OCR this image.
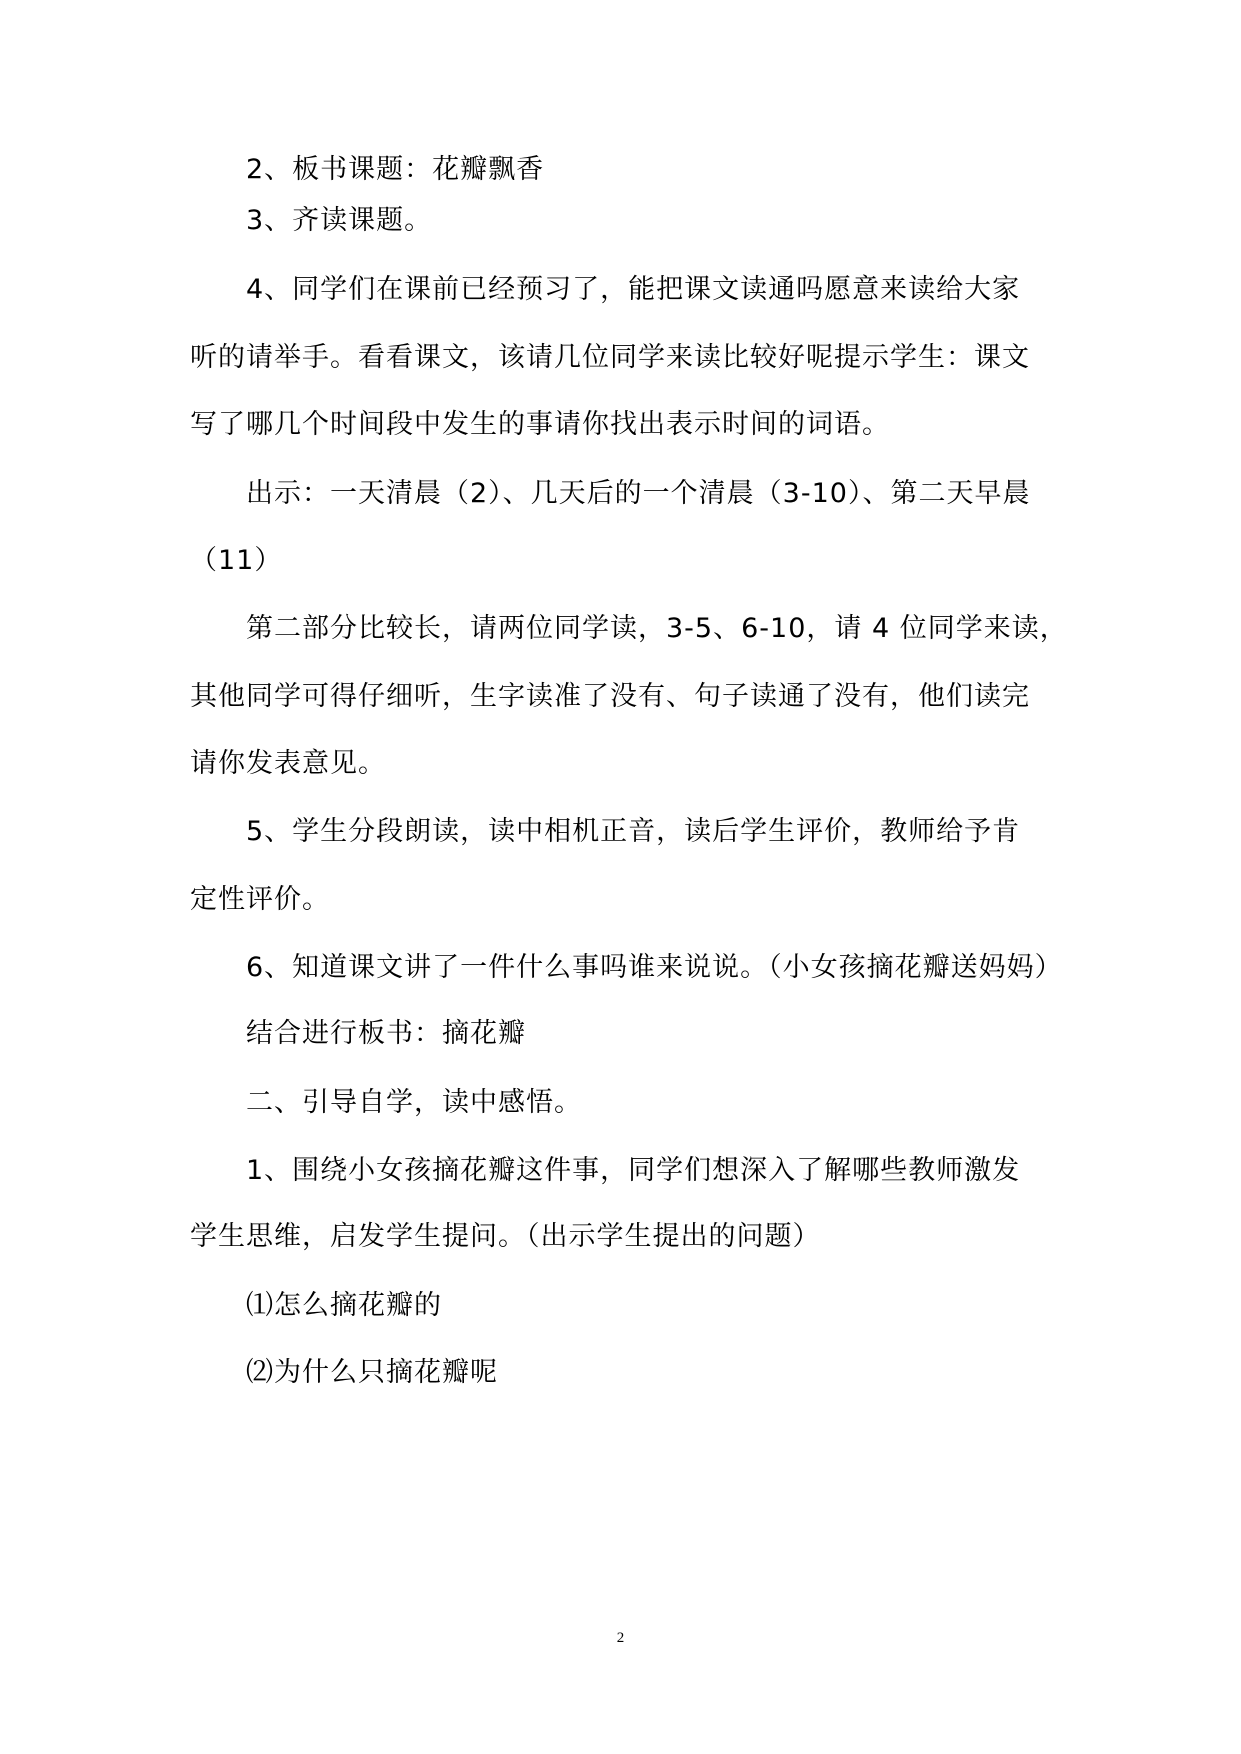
2、板书课题：花瓣飘香
3、齐读课题。
4、同学们在课前已经预习了，能把课文读通吗愿意来读给大家
听的请举手。看看课文，该请几位同学来读比较好呢提示学生：课文
写了哪几个时间段中发生的事请你找出表示时间的词语。
出示：一天清晨（2）、几天后的一个清晨（3-10）、第二天早晨
（11）
第二部分比较长，请两位同学读，3-5、6-10，请 4 位同学来读，
其他同学可得仔细听，生字读准了没有、句子读通了没有，他们读完
请你发表意见。
5、学生分段朗读，读中相机正音，读后学生评价，教师给予肯
定性评价。
6、知道课文讲了一件什么事吗谁来说说。（小女孩摘花瓣送妈妈）
结合进行板书：摘花瓣
二、引导自学，读中感悟。
1、围绕小女孩摘花瓣这件事，同学们想深入了解哪些教师激发
学生思维，启发学生提问。（出示学生提出的问题）
⑴怎么摘花瓣的
⑵为什么只摘花瓣呢
2
